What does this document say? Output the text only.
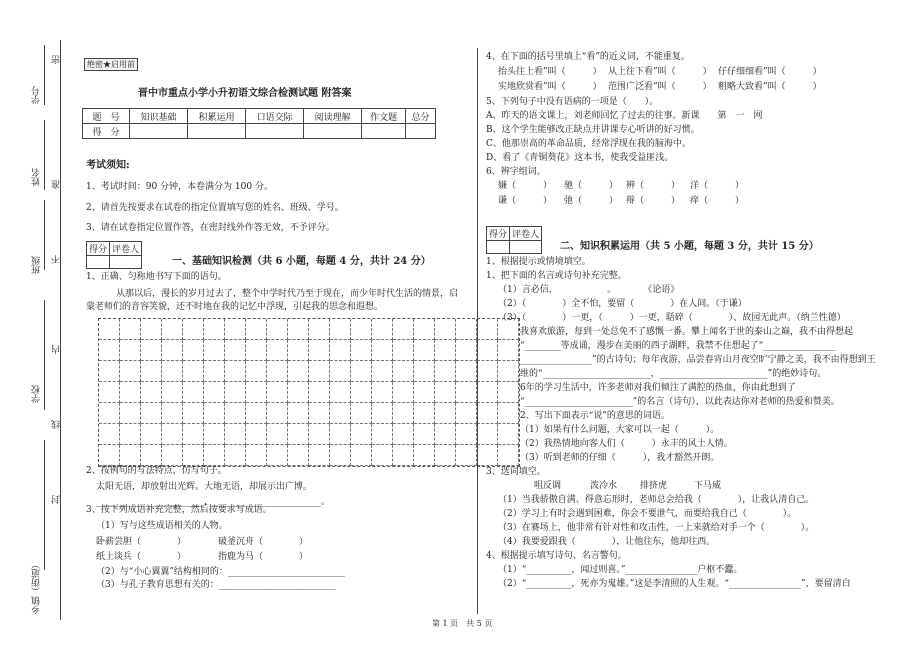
学号
姓名
班级
学校
乡镇（街道）
密
封
线
内
不
准
绝密★启用前
晋中市重点小学小升初语文综合检测试题 附答案
题　号	知识基础	积累运用	口语交际	阅读理解	作文题	总分
得　分						
考试须知:
1、考试时间：90 分钟，本卷满分为 100 分。
2、请首先按要求在试卷的指定位置填写您的姓名、班级、学号。
3、请在试卷指定位置作答，在密封线外作答无效，不予评分。
得分	评卷人

一、基础知识检测（共 6 小题，每题 4 分，共计 24 分）
1、正确、匀称地书写下面的语句。
从那以后，漫长的岁月过去了，整个中学时代乃至于现在，而少年时代生活的情景，启
蒙老师们的音容笑貌，还不时地在我的记忆中浮现，引起我的思念和遐想。
2、按例句的写法特点，仿写句子。
太阳无语，却放射出光辉。大地无语，却展示出广博。
________________________，________________________。
3、按下列成语补充完整，然后按要求写成语。
（1）写与这些成语相关的人物。
卧薪尝胆（　　　　）	破釜沉舟（　　　　）
纸上谈兵（　　　　）	指鹿为马（　　　　）
（2）与“小心翼翼”结构相同的：__________________________
（3）与孔子教育思想有关的：__________________________
4、在下面的括号里填上“看”的近义词，不能重复。
抬头往上看”叫（　　　） 从上往下看”叫（　　　） 仔仔细细看”叫（　　　）
实地欣赏看”叫（　　　） 范围广泛看”叫（　　　） 粗略大致看”叫（　　　）
5、下列句子中没有语病的一项是（　　）。
A、昨天的语文课上，刘老师回忆了过去的往事。新课　　第　一　网
B、这个学生能够改正缺点并讲课专心听讲的好习惯。
C、他那崇高的革命品质，经常浮现在我的脑海中。
D、看了《青铜葵花》这本书，使我受益匪浅。
6、辨字组词。
嫌（　　　） 驰（　　　） 辨（　　　） 洋（　　　）
谦（　　　） 弛（　　　） 辩（　　　） 痒（　　　）
得分	评卷人

二、知识积累运用（共 5 小题，每题 3 分，共计 15 分）
1、根据提示或情境填空。
1、把下面的名言或诗句补充完整。
（1）言必信，　　　　　　。　　　　《论语》
（2）（　　　　）全不怕，要留（　　　　）在人间。（于谦）
（3）（　　　　）一更，（　　　）一更，聒碎（　　　　）、故园无此声。（纳兰性德）
我喜欢旅游，每到一处总免不了感慨一番。攀上闻名于世的泰山之巅，我不由得想起
“________等成诵，漫步在美丽的西子湖畔，我禁不住想起了“________________
________________”的古诗句；每年夜游，品尝春宵山月夜空旷宁静之美，我不由得想到王
维的“________________________，________________________”的绝妙诗句。
6年的学习生活中，许多老师对我们倾注了满腔的热血，你由此想到了
“________________________”的名言（诗句），以此表达你对老师的热爱和赞美。
2、写出下面表示“说”的意思的词语。
（1）如果有什么问题，大家可以一起（　　　）。
（2）我热情地向客人们（　　　）永丰的风土人情。
（3）听到老师的仔细（　　　），我才豁然开朗。
3、选词填空。
咀反调	泼冷水	排挤虎	下马威
（1）当我骄傲自满、得意忘形时，老师总会给我（　　　　），让我认清自己。
（2）学习上有时会遇到困难，你会不要泄气，而要给我自己（　　　　）。
（3）在赛场上，他非常有针对性和攻击性，一上来就给对手一个（　　　　）。
（4）我要爱跟我（　　　　），让他往东，他却往西。
4、根据提示填写诗句、名言警句。
（1）“__________，闻过则喜。”________________户枢不蠹。
（2）“__________，死亦为鬼雄。”这是李清照的人生观。“________________”，要留清白
第 1 页　共 5 页
